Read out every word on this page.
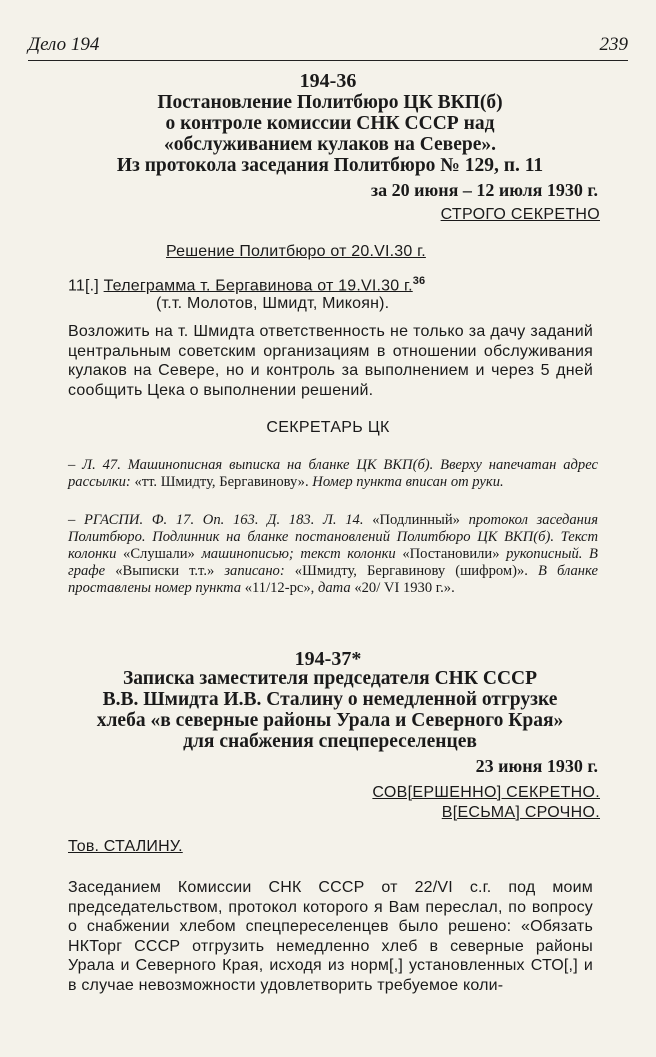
Дело 194	239
194-36
Постановление Политбюро ЦК ВКП(б)
о контроле комиссии СНК СССР над
«обслуживанием кулаков на Севере».
Из протокола заседания Политбюро № 129, п. 11
за 20 июня – 12 июля 1930 г.
СТРОГО СЕКРЕТНО
Решение Политбюро от 20.VI.30 г.
11[.] Телеграмма т. Бергавинова от 19.VI.30 г.$^{36}$
(т.т. Молотов, Шмидт, Микоян).
Возложить на т. Шмидта ответственность не только за дачу заданий центральным советским организациям в отношении обслуживания кулаков на Севере, но и контроль за выполнением и через 5 дней сообщить Цека о выполнении решений.
СЕКРЕТАРЬ ЦК
– Л. 47. Машинописная выписка на бланке ЦК ВКП(б). Вверху напечатан адрес рассылки: «тт. Шмидту, Бергавинову». Номер пункта вписан от руки.
– РГАСПИ. Ф. 17. Оп. 163. Д. 183. Л. 14. «Подлинный» протокол заседания Политбюро. Подлинник на бланке постановлений Политбюро ЦК ВКП(б). Текст колонки «Слушали» машинописью; текст колонки «Постановили» рукописный. В графе «Выписки т.т.» записано: «Шмидту, Бергавинову (шифром)». В бланке проставлены номер пункта «11/12-рс», дата «20/ VI 1930 г.».
194-37*
Записка заместителя председателя СНК СССР
В.В. Шмидта И.В. Сталину о немедленной отгрузке
хлеба «в северные районы Урала и Северного Края»
для снабжения спецпереселенцев
23 июня 1930 г.
СОВ[ЕРШЕННО] СЕКРЕТНО.
В[ЕСЬМА] СРОЧНО.
Тов. СТАЛИНУ.
Заседанием Комиссии СНК СССР от 22/VI с.г. под моим председательством, протокол которого я Вам переслал, по вопросу о снабжении хлебом спецпереселенцев было решено: «Обязать НКТорг СССР отгрузить немедленно хлеб в северные районы Урала и Северного Края, исходя из норм[,] установленных СТО[,] и в случае невозможности удовлетворить требуемое коли-
